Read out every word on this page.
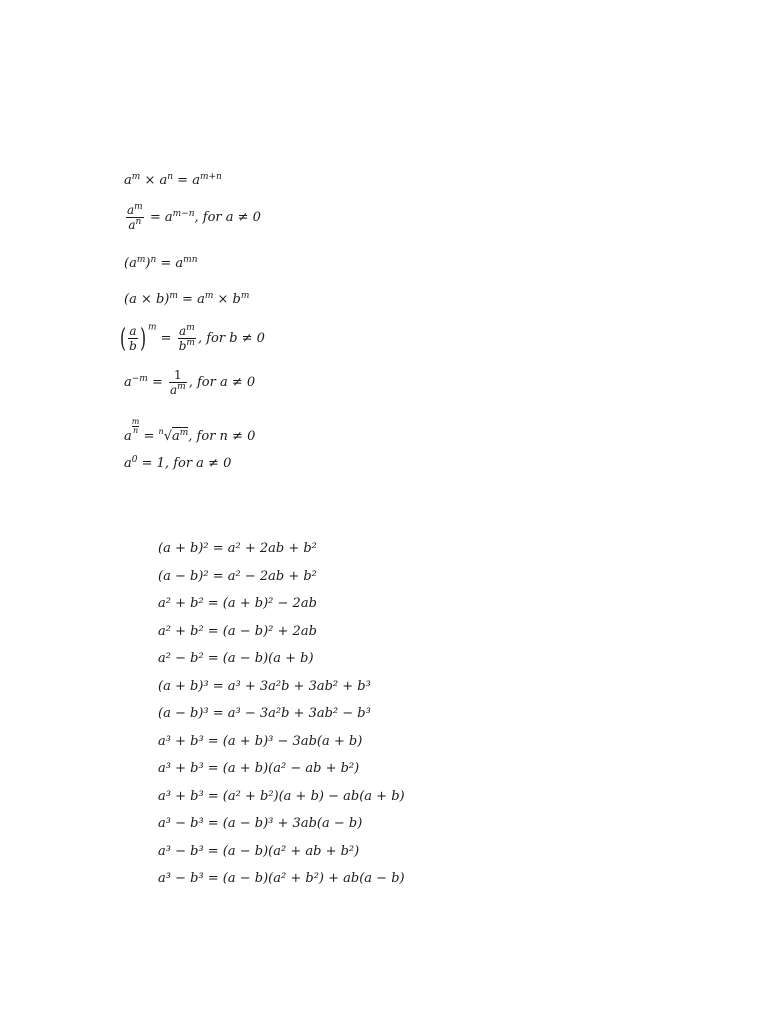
$a^m \times a^n = a^{m+n}$
$\frac{a^m}{a^n} = a^{m-n}$, for a ≠ 0
$(a^m)^n = a^{mn}$
$(a \times b)^m = a^m \times b^m$
( $\frac{a}{b}$ ) $^m = \frac{a^m}{b^m}$ , for b ≠ 0
$a^{-m} = \frac{1}{a^m}$ , for a ≠ 0
a
$^{\frac{m}{n}}$
= $^n√a^m$, for n ≠ 0
$a^0 = 1$, for a ≠ 0
(a + b)² = a² + 2ab + b²
(a − b)² = a² − 2ab + b²
a² + b² = (a + b)² − 2ab
a² + b² = (a − b)² + 2ab
a² − b² = (a − b)(a + b)
(a + b)³ = a³ + 3a²b + 3ab² + b³
(a − b)³ = a³ − 3a²b + 3ab² − b³
a³ + b³ = (a + b)³ − 3ab(a + b)
a³ + b³ = (a + b)(a² − ab + b²)
a³ + b³ = (a² + b²)(a + b) − ab(a + b)
a³ − b³ = (a − b)³ + 3ab(a − b)
a³ − b³ = (a − b)(a² + ab + b²)
a³ − b³ = (a − b)(a² + b²) + ab(a − b)
